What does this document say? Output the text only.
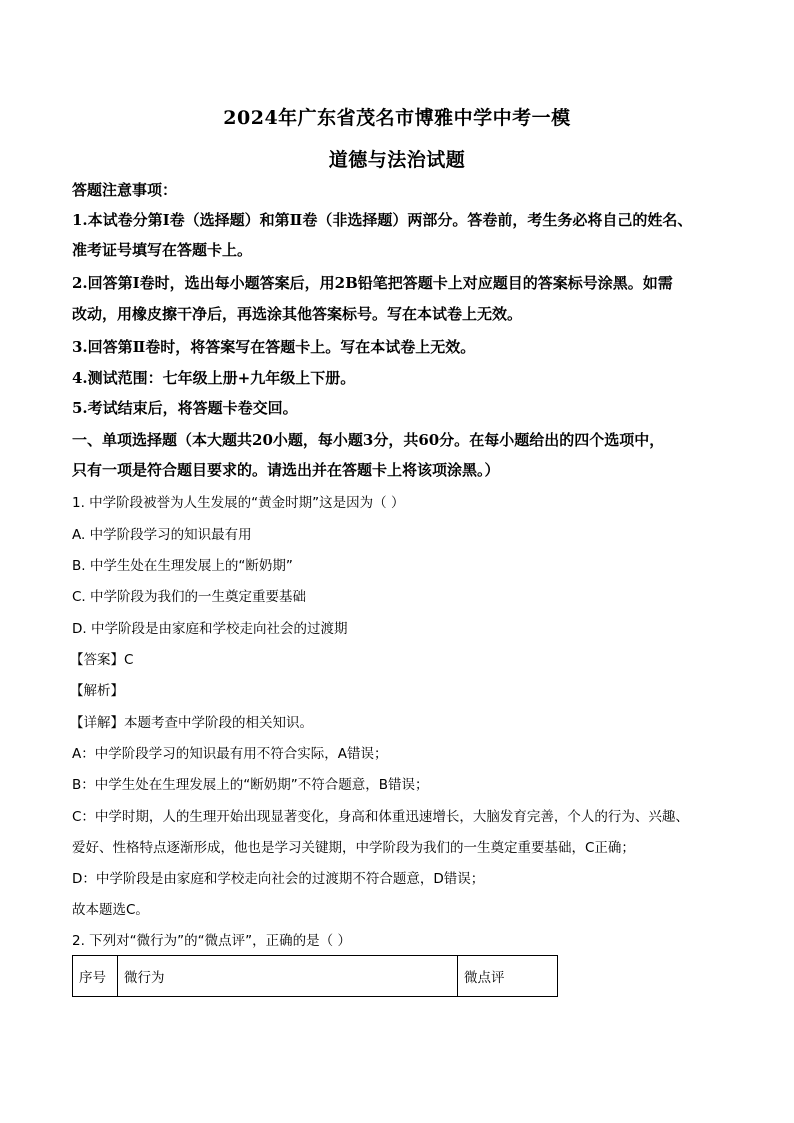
2024年广东省茂名市博雅中学中考一模
道德与法治试题
答题注意事项：
1.本试卷分第Ⅰ卷（选择题）和第Ⅱ卷（非选择题）两部分。答卷前，考生务必将自己的姓名、
准考证号填写在答题卡上。
2.回答第Ⅰ卷时，选出每小题答案后，用2B铅笔把答题卡上对应题目的答案标号涂黑。如需
改动，用橡皮擦干净后，再选涂其他答案标号。写在本试卷上无效。
3.回答第Ⅱ卷时，将答案写在答题卡上。写在本试卷上无效。
4.测试范围：七年级上册+九年级上下册。
5.考试结束后，将答题卡卷交回。
一、单项选择题（本大题共20小题，每小题3分，共60分。在每小题给出的四个选项中，
只有一项是符合题目要求的。请选出并在答题卡上将该项涂黑。）
1. 中学阶段被誉为人生发展的“黄金时期”这是因为（ ）
A. 中学阶段学习的知识最有用
B. 中学生处在生理发展上的“断奶期”
C. 中学阶段为我们的一生奠定重要基础
D. 中学阶段是由家庭和学校走向社会的过渡期
【答案】C
【解析】
【详解】本题考查中学阶段的相关知识。
A：中学阶段学习的知识最有用不符合实际，A错误；
B：中学生处在生理发展上的“断奶期”不符合题意，B错误；
C：中学时期，人的生理开始出现显著变化，身高和体重迅速增长，大脑发育完善，个人的行为、兴趣、
爱好、性格特点逐渐形成，他也是学习关键期，中学阶段为我们的一生奠定重要基础，C正确；
D：中学阶段是由家庭和学校走向社会的过渡期不符合题意，D错误；
故本题选C。
2. 下列对“微行为”的“微点评”，正确的是（ ）
序号	微行为	微点评
